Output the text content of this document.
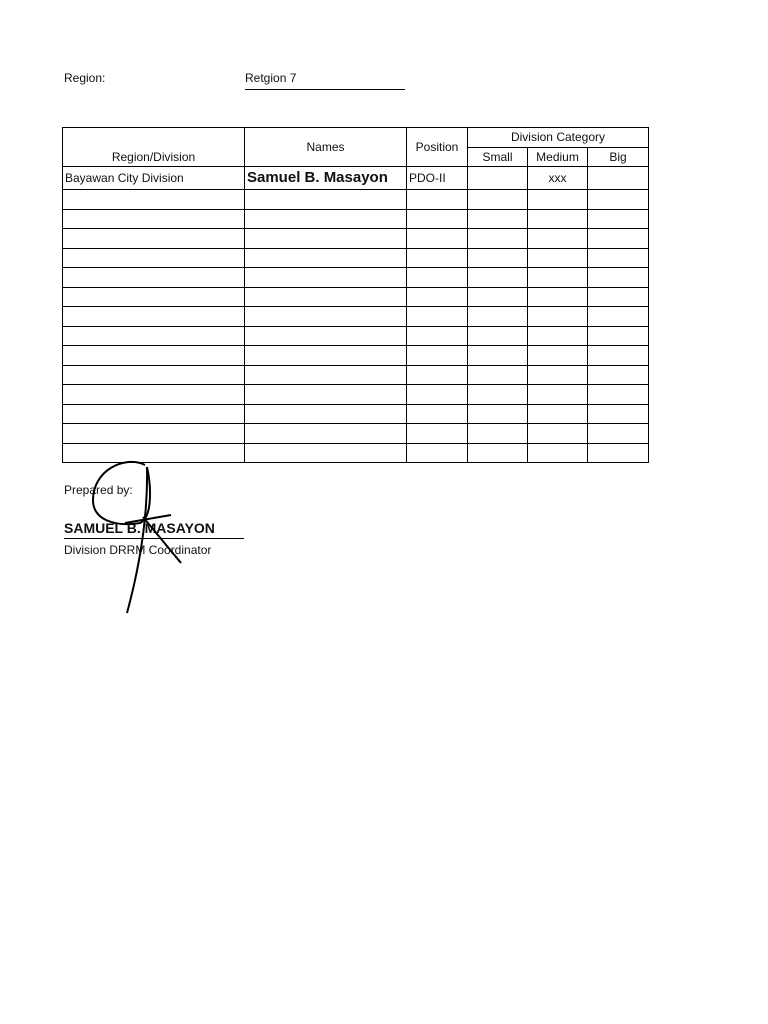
Region:	Retgion 7
Region/Division	Names	Position	Division Category		
			Small	Medium	Big
Bayawan City Division	Samuel B. Masayon	PDO-II		xxx	

Prepared by:
SAMUEL B. MASAYON
Division DRRM Coordinator
